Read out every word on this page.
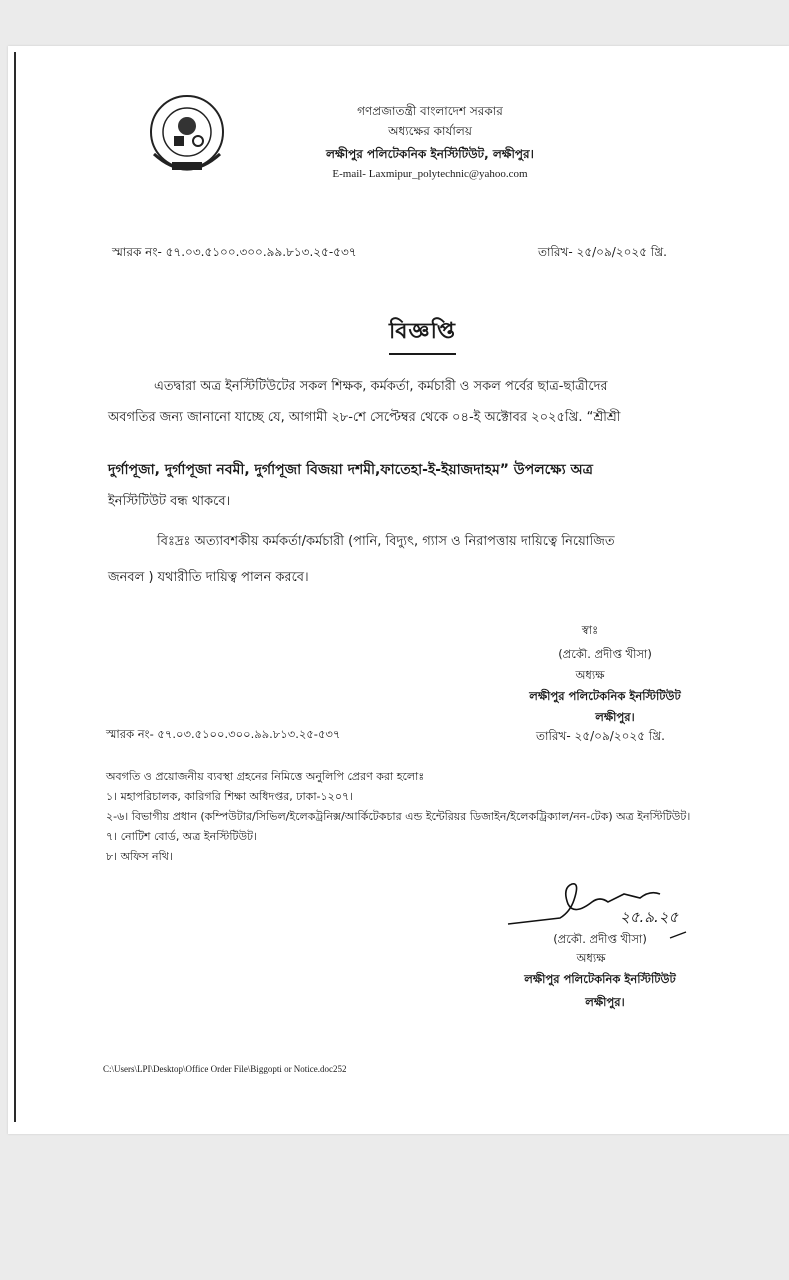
গণপ্রজাতন্ত্রী বাংলাদেশ সরকার
অধ্যক্ষের কার্যালয়
লক্ষীপুর পলিটেকনিক ইনস্টিটিউট, লক্ষীপুর।
E-mail- Laxmipur_polytechnic@yahoo.com
স্মারক নং- ৫৭.০৩.৫১০০.৩০০.৯৯.৮১৩.২৫-৫৩৭	তারিখ- ২৫/০৯/২০২৫ খ্রি.
বিজ্ঞপ্তি
এতদ্বারা অত্র ইনস্টিটিউটের সকল শিক্ষক, কর্মকর্তা, কর্মচারী ও সকল পর্বের ছাত্র-ছাত্রীদের
অবগতির জন্য জানানো যাচ্ছে যে, আগামী ২৮-শে সেপ্টেম্বর থেকে ০৪-ই অক্টোবর ২০২৫খ্রি. “শ্রীশ্রী
দুর্গাপূজা, দুর্গাপূজা নবমী, দুর্গাপূজা বিজয়া দশমী,ফাতেহা-ই-ইয়াজদাহম” উপলক্ষ্যে অত্র
ইনস্টিটিউট বন্ধ থাকবে।
বিঃদ্রঃ অত্যাবশকীয় কর্মকর্তা/কর্মচারী (পানি, বিদ্যুৎ, গ্যাস ও নিরাপত্তায় দায়িত্বে নিয়োজিত
জনবল ) যথারীতি দায়িত্ব পালন করবে।
স্বাঃ
(প্রকৌ. প্রদীপ্ত খীসা)
অধ্যক্ষ
লক্ষীপুর পলিটেকনিক ইনস্টিটিউট
লক্ষীপুর।
স্মারক নং- ৫৭.০৩.৫১০০.৩০০.৯৯.৮১৩.২৫-৫৩৭	তারিখ- ২৫/০৯/২০২৫ খ্রি.
অবগতি ও প্রয়োজনীয় ব্যবস্থা গ্রহনের নিমিত্তে অনুলিপি প্রেরণ করা হলোঃ
১। মহাপরিচালক, কারিগরি শিক্ষা অধিদপ্তর, ঢাকা-১২০৭।
২-৬। বিভাগীয় প্রধান (কম্পিউটার/সিভিল/ইলেকট্রনিক্স/আর্কিটেকচার এন্ড ইন্টেরিয়র ডিজাইন/ইলেকট্রিক্যাল/নন-টেক) অত্র ইনস্টিটিউট।
৭। নোটিশ বোর্ড, অত্র ইনস্টিটিউট।
৮। অফিস নথি।
২৫.৯.২৫
(প্রকৌ. প্রদীপ্ত খীসা)
অধ্যক্ষ
লক্ষীপুর পলিটেকনিক ইনস্টিটিউট
লক্ষীপুর।
C:\Users\LPI\Desktop\Office Order File\Biggopti or Notice.doc252
